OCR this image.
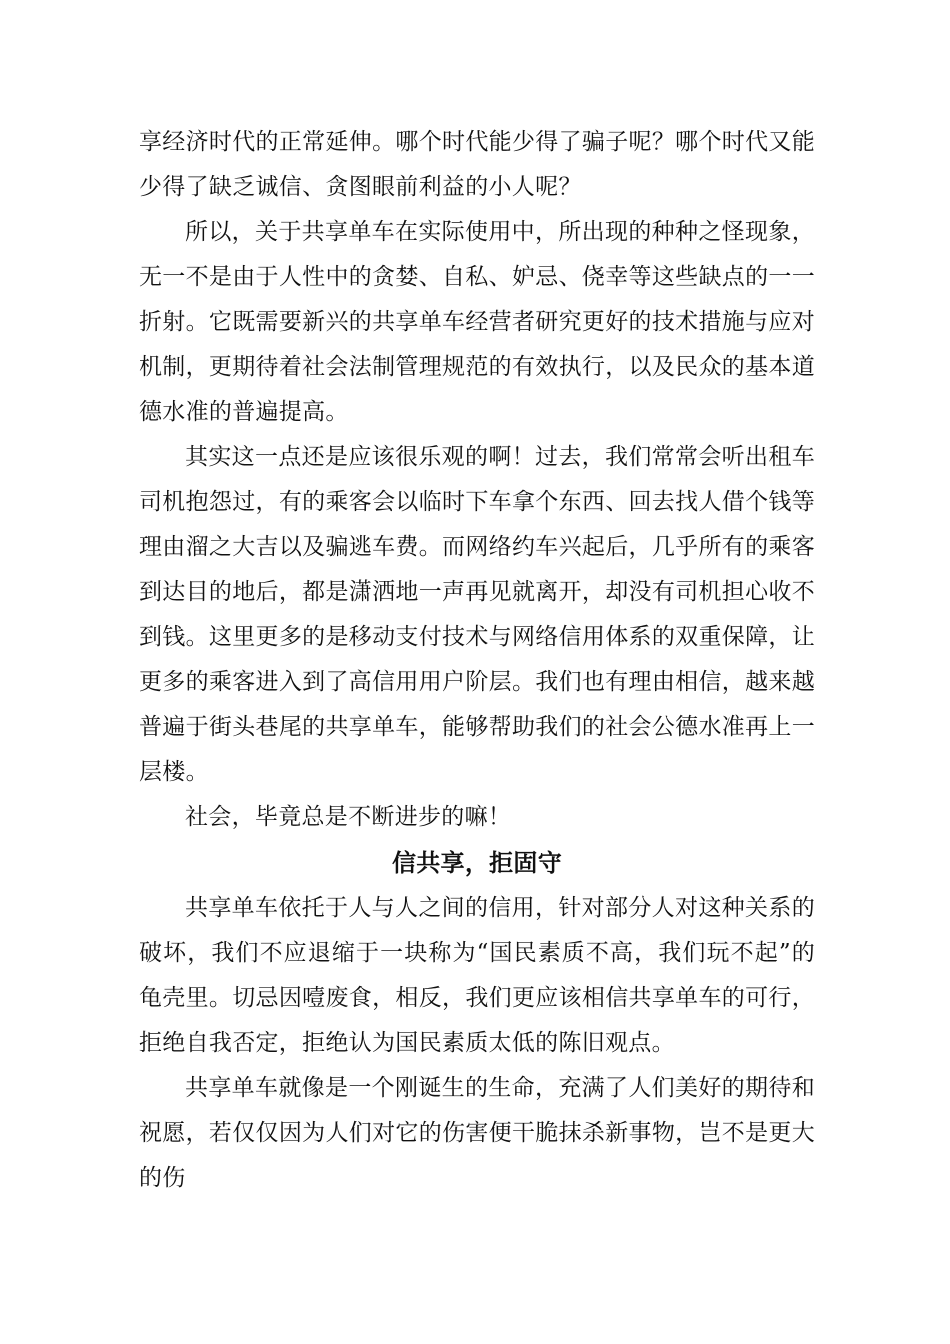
享经济时代的正常延伸。哪个时代能少得了骗子呢？哪个时代又能少得了缺乏诚信、贪图眼前利益的小人呢？

所以，关于共享单车在实际使用中，所出现的种种之怪现象，无一不是由于人性中的贪婪、自私、妒忌、侥幸等这些缺点的一一折射。它既需要新兴的共享单车经营者研究更好的技术措施与应对机制，更期待着社会法制管理规范的有效执行，以及民众的基本道德水准的普遍提高。

其实这一点还是应该很乐观的啊！过去，我们常常会听出租车司机抱怨过，有的乘客会以临时下车拿个东西、回去找人借个钱等理由溜之大吉以及骗逃车费。而网络约车兴起后，几乎所有的乘客到达目的地后，都是潇洒地一声再见就离开，却没有司机担心收不到钱。这里更多的是移动支付技术与网络信用体系的双重保障，让更多的乘客进入到了高信用用户阶层。我们也有理由相信，越来越普遍于街头巷尾的共享单车，能够帮助我们的社会公德水准再上一层楼。

社会，毕竟总是不断进步的嘛！

信共享，拒固守

共享单车依托于人与人之间的信用，针对部分人对这种关系的破坏，我们不应退缩于一块称为“国民素质不高，我们玩不起”的龟壳里。切忌因噎废食，相反，我们更应该相信共享单车的可行，拒绝自我否定，拒绝认为国民素质太低的陈旧观点。

共享单车就像是一个刚诞生的生命，充满了人们美好的期待和祝愿，若仅仅因为人们对它的伤害便干脆抹杀新事物，岂不是更大的伤
